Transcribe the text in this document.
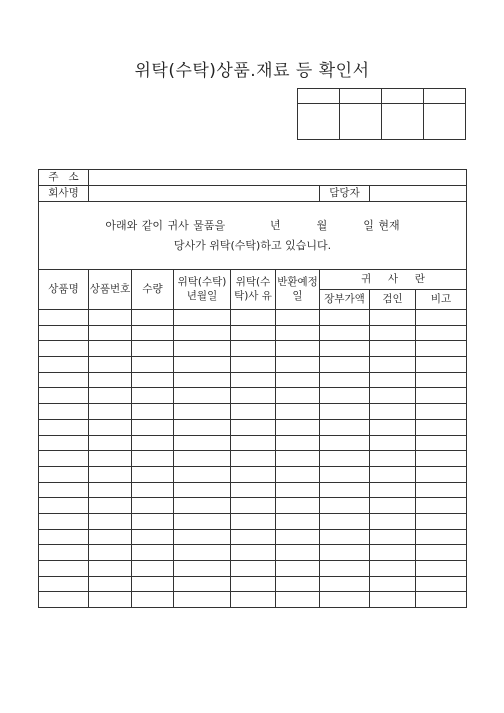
위탁(수탁)상품.재료 등 확인서

주   소								
회사명						담당자		

아래와 같이 귀사 물품을          년        월        일 현재
당사가 위탁(수탁)하고 있습니다.								

상품명	상품번호	수량	위탁(수탁) 년월일	위탁(수탁)사 유	반환예정일	귀     사     란		
						장부가액	검인	비고
